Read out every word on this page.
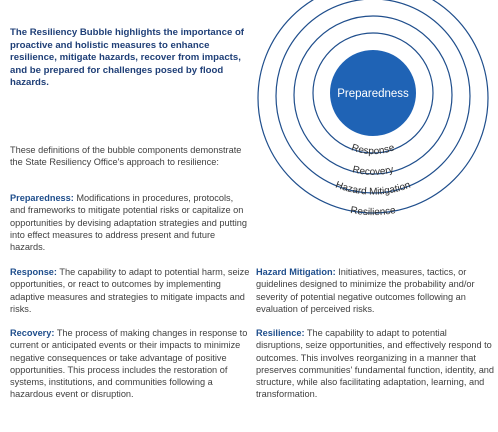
The Resiliency Bubble highlights the importance of proactive and holistic measures to enhance resilience, mitigate hazards, recover from impacts, and be prepared for challenges posed by flood hazards.
These definitions of the bubble components demonstrate the State Resiliency Office's approach to resilience:
Preparedness: Modifications in procedures, protocols, and frameworks to mitigate potential risks or capitalize on opportunities by devising adaptation strategies and putting into effect measures to address present and future hazards.
Response: The capability to adapt to potential harm, seize opportunities, or react to outcomes by implementing adaptive measures and strategies to mitigate impacts and risks.
Recovery: The process of making changes in response to current or anticipated events or their impacts to minimize negative consequences or take advantage of positive opportunities. This process includes the restoration of systems, institutions, and communities following a hazardous event or disruption.
Hazard Mitigation: Initiatives, measures, tactics, or guidelines designed to minimize the probability and/or severity of potential negative outcomes following an evaluation of perceived risks.
Resilience: The capability to adapt to potential disruptions, seize opportunities, and effectively respond to outcomes. This involves reorganizing in a manner that preserves communities' fundamental function, identity, and structure, while also facilitating adaptation, learning, and transformation.
Preparedness
Response
Recovery
Hazard Mitigation
Resilience
